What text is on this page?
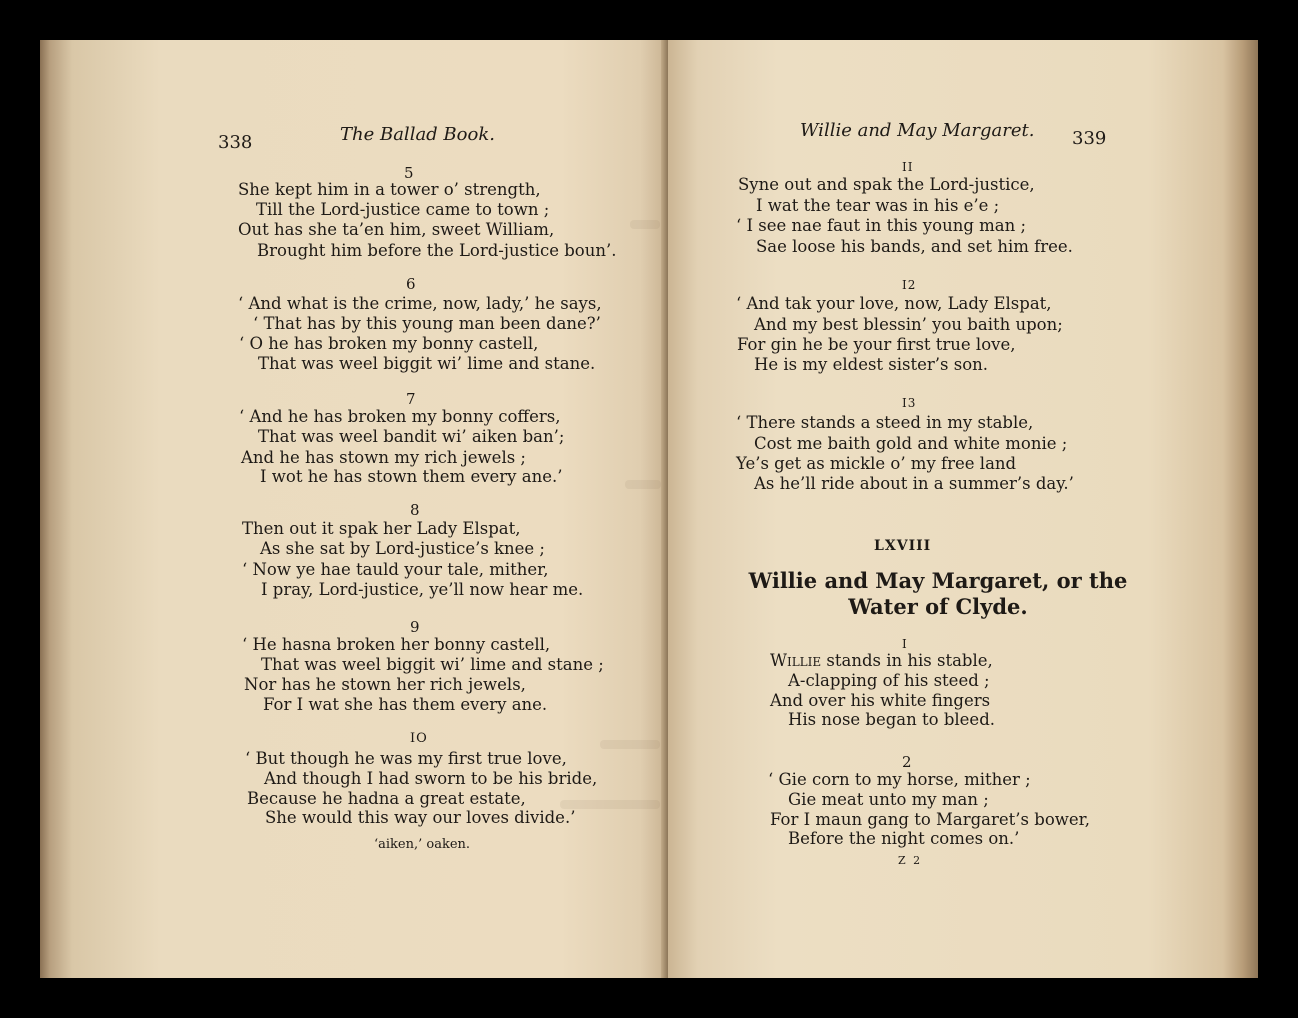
338	The Ballad Book.
5
She kept him in a tower o’ strength,
Till the Lord-justice came to town ;
Out has she ta’en him, sweet William,
Brought him before the Lord-justice boun’.
6
‘ And what is the crime, now, lady,’ he says,
‘ That has by this young man been dane?’
‘ O he has broken my bonny castell,
That was weel biggit wi’ lime and stane.
7
‘ And he has broken my bonny coffers,
That was weel bandit wi’ aiken ban’;
And he has stown my rich jewels ;
I wot he has stown them every ane.’
8
Then out it spak her Lady Elspat,
As she sat by Lord-justice’s knee ;
‘ Now ye hae tauld your tale, mither,
I pray, Lord-justice, ye’ll now hear me.
9
‘ He hasna broken her bonny castell,
That was weel biggit wi’ lime and stane ;
Nor has he stown her rich jewels,
For I wat she has them every ane.
IO
‘ But though he was my first true love,
And though I had sworn to be his bride,
Because he hadna a great estate,
She would this way our loves divide.’
‘aiken,’ oaken.
Willie and May Margaret. 339
II
Syne out and spak the Lord-justice,
I wat the tear was in his e’e ;
‘ I see nae faut in this young man ;
Sae loose his bands, and set him free.
I2
‘ And tak your love, now, Lady Elspat,
And my best blessin’ you baith upon;
For gin he be your first true love,
He is my eldest sister’s son.
I3
‘ There stands a steed in my stable,
Cost me baith gold and white monie ;
Ye’s get as mickle o’ my free land
As he’ll ride about in a summer’s day.’
LXVIII
Willie and May Margaret, or the
Water of Clyde.
I
Willie stands in his stable,
A-clapping of his steed ;
And over his white fingers
His nose began to bleed.
2
‘ Gie corn to my horse, mither ;
Gie meat unto my man ;
For I maun gang to Margaret’s bower,
Before the night comes on.’
Z 2
